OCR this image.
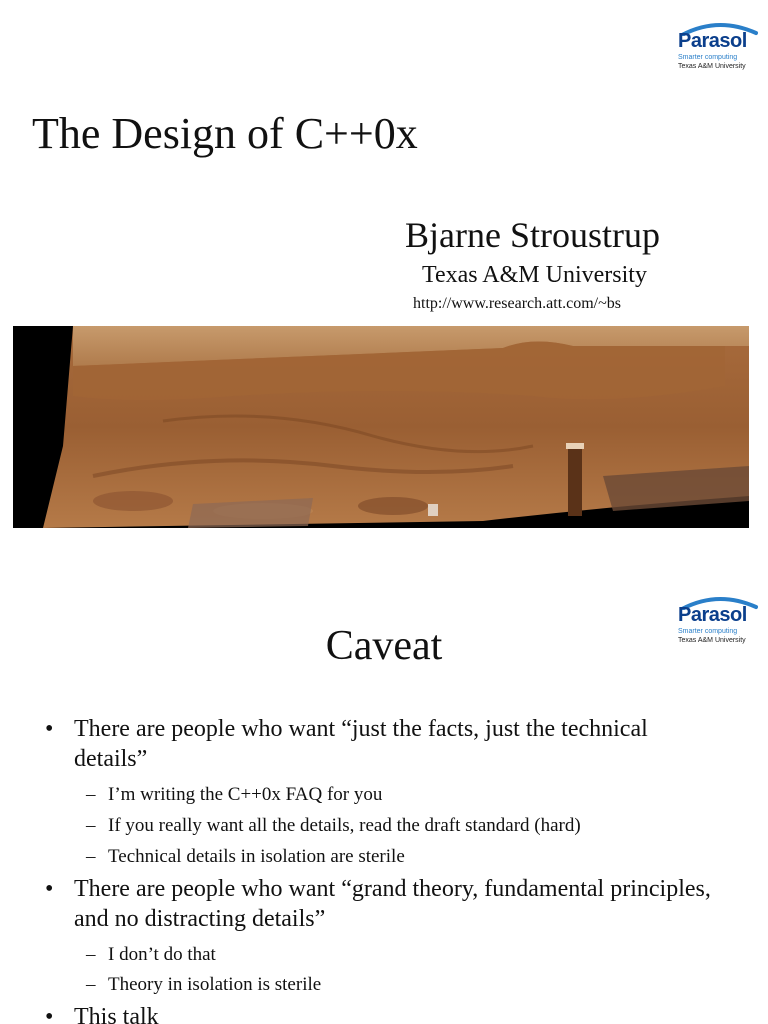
Parasol
Smarter computing
Texas A&M University
The Design of C++0x
Bjarne Stroustrup
Texas A&M University
http://www.research.att.com/~bs
Parasol
Smarter computing
Texas A&M University
Caveat
• There are people who want “just the facts, just the technical details”
– I’m writing the C++0x FAQ for you
– If you really want all the details, read the draft standard (hard)
– Technical details in isolation are sterile
• There are people who want “grand theory, fundamental principles, and no distracting details”
– I don’t do that
– Theory in isolation is sterile
• This talk
